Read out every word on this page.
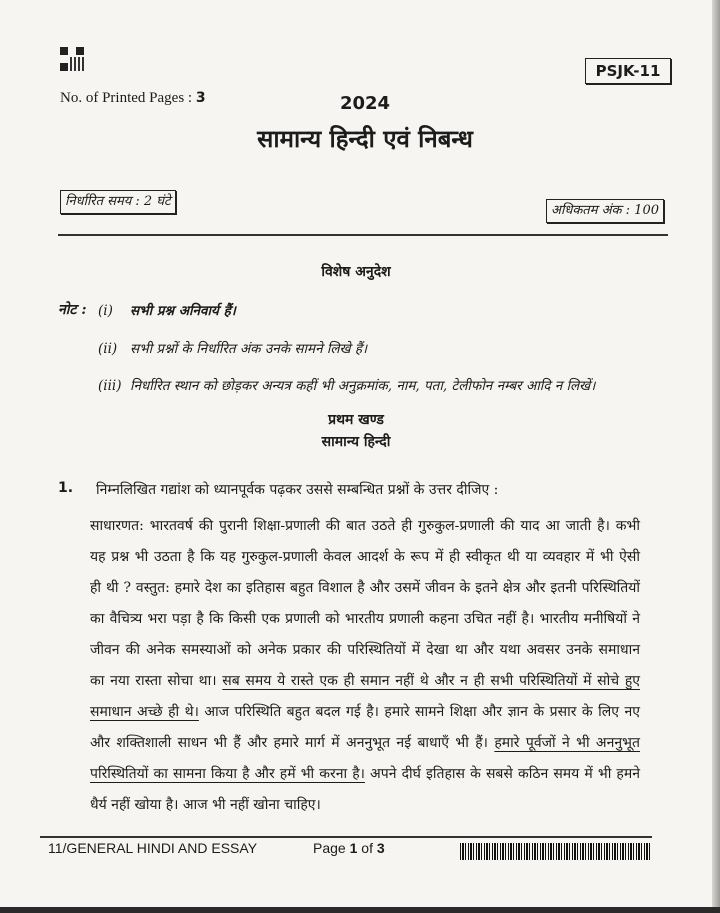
PSJK-11
No. of Printed Pages : 3	2024
सामान्य हिन्दी एवं निबन्ध
निर्धारित समय : 2 घंटे
अधिकतम अंक : 100
विशेष अनुदेश
नोट : (i) सभी प्रश्न अनिवार्य हैं।
(ii) सभी प्रश्नों के निर्धारित अंक उनके सामने लिखे हैं।
(iii) निर्धारित स्थान को छोड़कर अन्यत्र कहीं भी अनुक्रमांक, नाम, पता, टेलीफोन नम्बर आदि न लिखें।
प्रथम खण्ड
सामान्य हिन्दी
1. निम्नलिखित गद्यांश को ध्यानपूर्वक पढ़कर उससे सम्बन्धित प्रश्नों के उत्तर दीजिए :
साधारणत: भारतवर्ष की पुरानी शिक्षा-प्रणाली की बात उठते ही गुरुकुल-प्रणाली की याद आ जाती है। कभी
यह प्रश्न भी उठता है कि यह गुरुकुल-प्रणाली केवल आदर्श के रूप में ही स्वीकृत थी या व्यवहार में भी ऐसी
ही थी ? वस्तुत: हमारे देश का इतिहास बहुत विशाल है और उसमें जीवन के इतने क्षेत्र और इतनी परिस्थितियों
का वैचित्र्य भरा पड़ा है कि किसी एक प्रणाली को भारतीय प्रणाली कहना उचित नहीं है। भारतीय मनीषियों ने
जीवन की अनेक समस्याओं को अनेक प्रकार की परिस्थितियों में देखा था और यथा अवसर उनके समाधान
का नया रास्ता सोचा था। सब समय ये रास्ते एक ही समान नहीं थे और न ही सभी परिस्थितियों में सोचे हुए
समाधान अच्छे ही थे। आज परिस्थिति बहुत बदल गई है। हमारे सामने शिक्षा और ज्ञान के प्रसार के लिए नए
और शक्तिशाली साधन भी हैं और हमारे मार्ग में अननुभूत नई बाधाएँ भी हैं। हमारे पूर्वजों ने भी अननुभूत
परिस्थितियों का सामना किया है और हमें भी करना है। अपने दीर्घ इतिहास के सबसे कठिन समय में भी हमने
धैर्य नहीं खोया है। आज भी नहीं खोना चाहिए।
11/GENERAL HINDI AND ESSAY	Page 1 of 3
